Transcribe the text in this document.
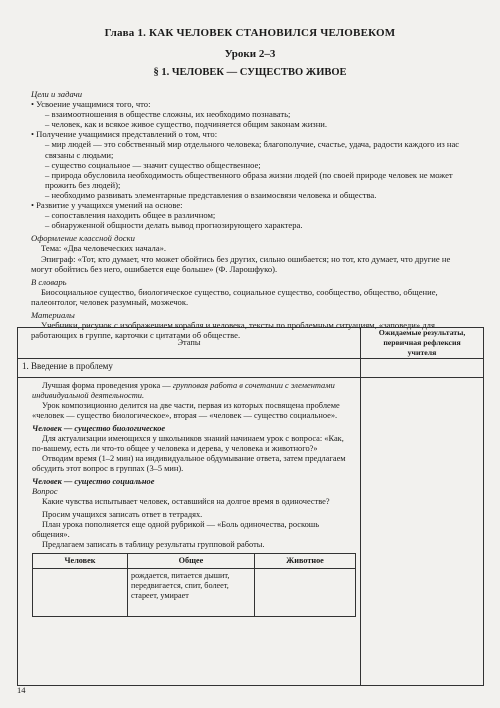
Глава 1. КАК ЧЕЛОВЕК СТАНОВИЛСЯ ЧЕЛОВЕКОМ
Уроки 2–3
§ 1. ЧЕЛОВЕК — СУЩЕСТВО ЖИВОЕ
Цели и задачи

• Усвоение учащимися того, что:

– взаимоотношения в обществе сложны, их необходимо познавать;

– человек, как и всякое живое существо, подчиняется общим законам жизни.

• Получение учащимися представлений о том, что:

– мир людей — это собственный мир отдельного человека; благополучие, счастье, удача, радости каждого из нас связаны с людьми;

– существо социальное — значит существо общественное;

– природа обусловила необходимость общественного образа жизни людей (по своей природе человек не может прожить без людей);

– необходимо развивать элементарные представления о взаимосвязи человека и общества.

• Развитие у учащихся умений на основе:

– сопоставления находить общее в различном;

– обнаруженной общности делать вывод прогнозирующего характера.

Оформление классной доски

Тема: «Два человеческих начала».

Эпиграф: «Тот, кто думает, что может обойтись без других, сильно ошибается; но тот, кто думает, что другие не могут обойтись без него, ошибается еще больше» (Ф. Ларошфуко).

В словарь

Биосоциальное существо, биологическое существо, социальное существо, сообщество, общество, общение, палеонтолог, человек разумный, мозжечок.

Материалы

Учебники, рисунок с изображением корабля и человека, тексты по проблемным ситуациям, «заповеди» для работающих в группе, карточки с цитатами об обществе.

Этапы	Ожидаемые результаты, первичная рефлексия учителя
1. Введение в проблему	

Лучшая форма проведения урока — групповая работа в сочетании с элементами индивидуальной деятельности.

Урок композиционно делится на две части, первая из которых посвящена проблеме «человек — существо биологическое», вторая — «человек — существо социальное».

Человек — существо биологическое

Для актуализации имеющихся у школьников знаний начинаем урок с вопроса: «Как, по-вашему, есть ли что-то общее у человека и дерева, у человека и животного?»

Отводим время (1–2 мин) на индивидуальное обдумывание ответа, затем предлагаем обсудить этот вопрос в группах (3–5 мин).

Человек — существо социальное

Вопрос

Какие чувства испытывает человек, оставшийся на долгое время в одиночестве?

Просим учащихся записать ответ в тетрадях.

План урока пополняется еще одной рубрикой — «Боль одиночества, роскошь общения».

Предлагаем записать в таблицу результаты групповой работы.

Человек	Общее	Животное
	рождается, питается дышит, передвигается, спит, болеет, стареет, умирает	

14
